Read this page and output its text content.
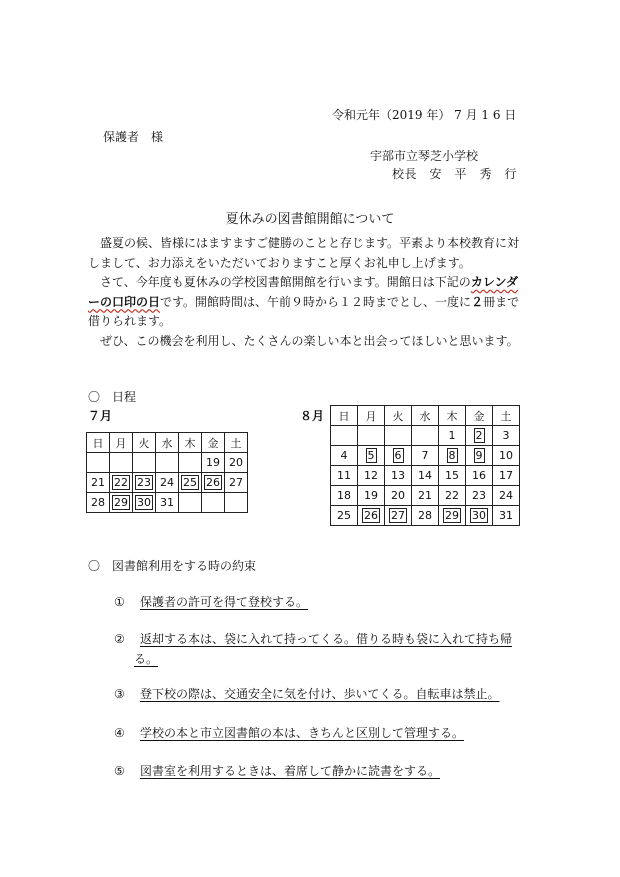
令和元年（2019 年） 7 月 1 6 日
保護者　様
宇部市立琴芝小学校
校長　安　平　秀　行
夏休みの図書館開館について

盛夏の候、皆様にはますますご健勝のことと存じます。平素より本校教育に対しまして、お力添えをいただいておりますこと厚くお礼申し上げます。

さて、今年度も夏休みの学校図書館開館を行います。開館日は下記のカレンダーの口印の日です。開館時間は、午前９時から１２時までとし、一度に２冊まで借りられます。

ぜひ、この機会を利用し、たくさんの楽しい本と出会ってほしいと思います。

〇　日程
７月	８月
日	月	火	水	木	金	土
					19	20
21	22	23	24	25	26	27
28	29	30	31			
日	月	火	水	木	金	土
				1	2	3
4	5	6	7	8	9	10
11	12	13	14	15	16	17
18	19	20	21	22	23	24
25	26	27	28	29	30	31
〇　図書館利用をする時の約束
① 保護者の許可を得て登校する。
② 返却する本は、袋に入れて持ってくる。借りる時も袋に入れて持ち帰
る。
③ 登下校の際は、交通安全に気を付け、歩いてくる。自転車は禁止。
④ 学校の本と市立図書館の本は、きちんと区別して管理する。
⑤ 図書室を利用するときは、着席して静かに読書をする。
